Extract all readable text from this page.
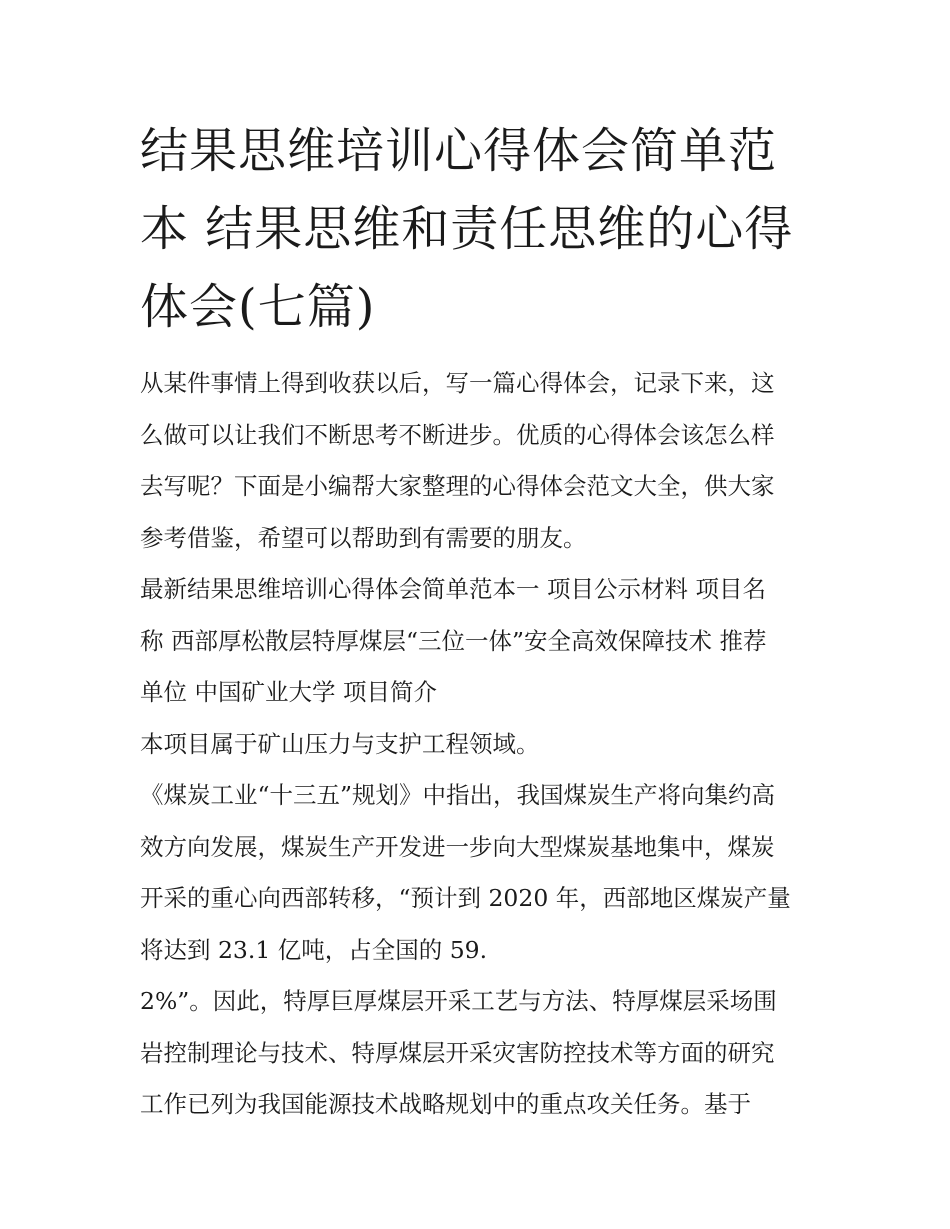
结果思维培训心得体会简单范
本 结果思维和责任思维的心得
体会(七篇)
从某件事情上得到收获以后，写一篇心得体会，记录下来，这
么做可以让我们不断思考不断进步。优质的心得体会该怎么样
去写呢？下面是小编帮大家整理的心得体会范文大全，供大家
参考借鉴，希望可以帮助到有需要的朋友。
最新结果思维培训心得体会简单范本一 项目公示材料 项目名
称 西部厚松散层特厚煤层“三位一体”安全高效保障技术 推荐
单位 中国矿业大学 项目简介
本项目属于矿山压力与支护工程领域。
《煤炭工业“十三五”规划》中指出，我国煤炭生产将向集约高
效方向发展，煤炭生产开发进一步向大型煤炭基地集中，煤炭
开采的重心向西部转移，“预计到 2020 年，西部地区煤炭产量
将达到 23.1 亿吨，占全国的 59.
2%”。因此，特厚巨厚煤层开采工艺与方法、特厚煤层采场围
岩控制理论与技术、特厚煤层开采灾害防控技术等方面的研究
工作已列为我国能源技术战略规划中的重点攻关任务。基于
